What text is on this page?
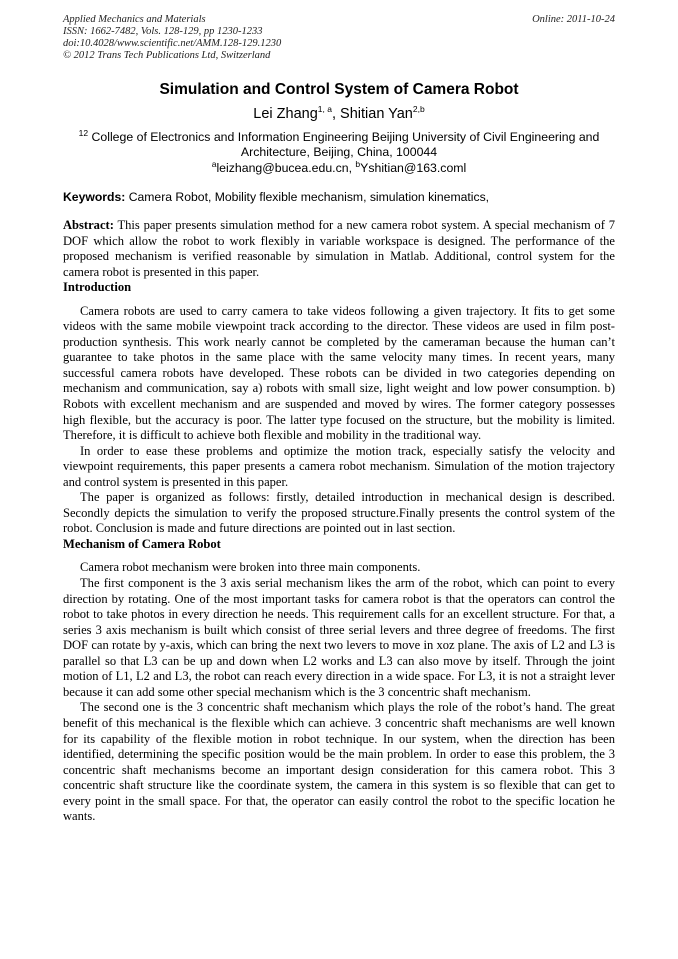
Applied Mechanics and Materials
ISSN: 1662-7482, Vols. 128-129, pp 1230-1233
doi:10.4028/www.scientific.net/AMM.128-129.1230
© 2012 Trans Tech Publications Ltd, Switzerland
Online: 2011-10-24
Simulation and Control System of Camera Robot
Lei Zhang$^{1, a}$, Shitian Yan$^{2,b}$
$^{12}$ College of Electronics and Information Engineering Beijing University of Civil Engineering and Architecture, Beijing, China, 100044
$^a$leizhang@bucea.edu.cn, $^b$Yshitian@163.coml
Keywords: Camera Robot, Mobility flexible mechanism, simulation kinematics,

Abstract: This paper presents simulation method for a new camera robot system. A special mechanism of 7 DOF which allow the robot to work flexibly in variable workspace is designed. The performance of the proposed mechanism is verified reasonable by simulation in Matlab. Additional, control system for the camera robot is presented in this paper.

Introduction

Camera robots are used to carry camera to take videos following a given trajectory. It fits to get some videos with the same mobile viewpoint track according to the director. These videos are used in film post-production synthesis. This work nearly cannot be completed by the cameraman because the human can’t guarantee to take photos in the same place with the same velocity many times. In recent years, many successful camera robots have developed. These robots can be divided in two categories depending on mechanism and communication, say a) robots with small size, light weight and low power consumption. b) Robots with excellent mechanism and are suspended and moved by wires. The former category possesses high flexible, but the accuracy is poor. The latter type focused on the structure, but the mobility is limited. Therefore, it is difficult to achieve both flexible and mobility in the traditional way.

In order to ease these problems and optimize the motion track, especially satisfy the velocity and viewpoint requirements, this paper presents a camera robot mechanism. Simulation of the motion trajectory and control system is presented in this paper.

The paper is organized as follows: firstly, detailed introduction in mechanical design is described. Secondly depicts the simulation to verify the proposed structure.Finally presents the control system of the robot. Conclusion is made and future directions are pointed out in last section.

Mechanism of Camera Robot

Camera robot mechanism were broken into three main components.

The first component is the 3 axis serial mechanism likes the arm of the robot, which can point to every direction by rotating. One of the most important tasks for camera robot is that the operators can control the robot to take photos in every direction he needs. This requirement calls for an excellent structure. For that, a series 3 axis mechanism is built which consist of three serial levers and three degree of freedoms. The first DOF can rotate by y-axis, which can bring the next two levers to move in xoz plane. The axis of L2 and L3 is parallel so that L3 can be up and down when L2 works and L3 can also move by itself. Through the joint motion of L1, L2 and L3, the robot can reach every direction in a wide space. For L3, it is not a straight lever because it can add some other special mechanism which is the 3 concentric shaft mechanism.

The second one is the 3 concentric shaft mechanism which plays the role of the robot’s hand. The great benefit of this mechanical is the flexible which can achieve. 3 concentric shaft mechanisms are well known for its capability of the flexible motion in robot technique. In our system, when the direction has been identified, determining the specific position would be the main problem. In order to ease this problem, the 3 concentric shaft mechanisms become an important design consideration for this camera robot. This 3 concentric shaft structure like the coordinate system, the camera in this system is so flexible that can get to every point in the small space. For that, the operator can easily control the robot to the specific location he wants.
